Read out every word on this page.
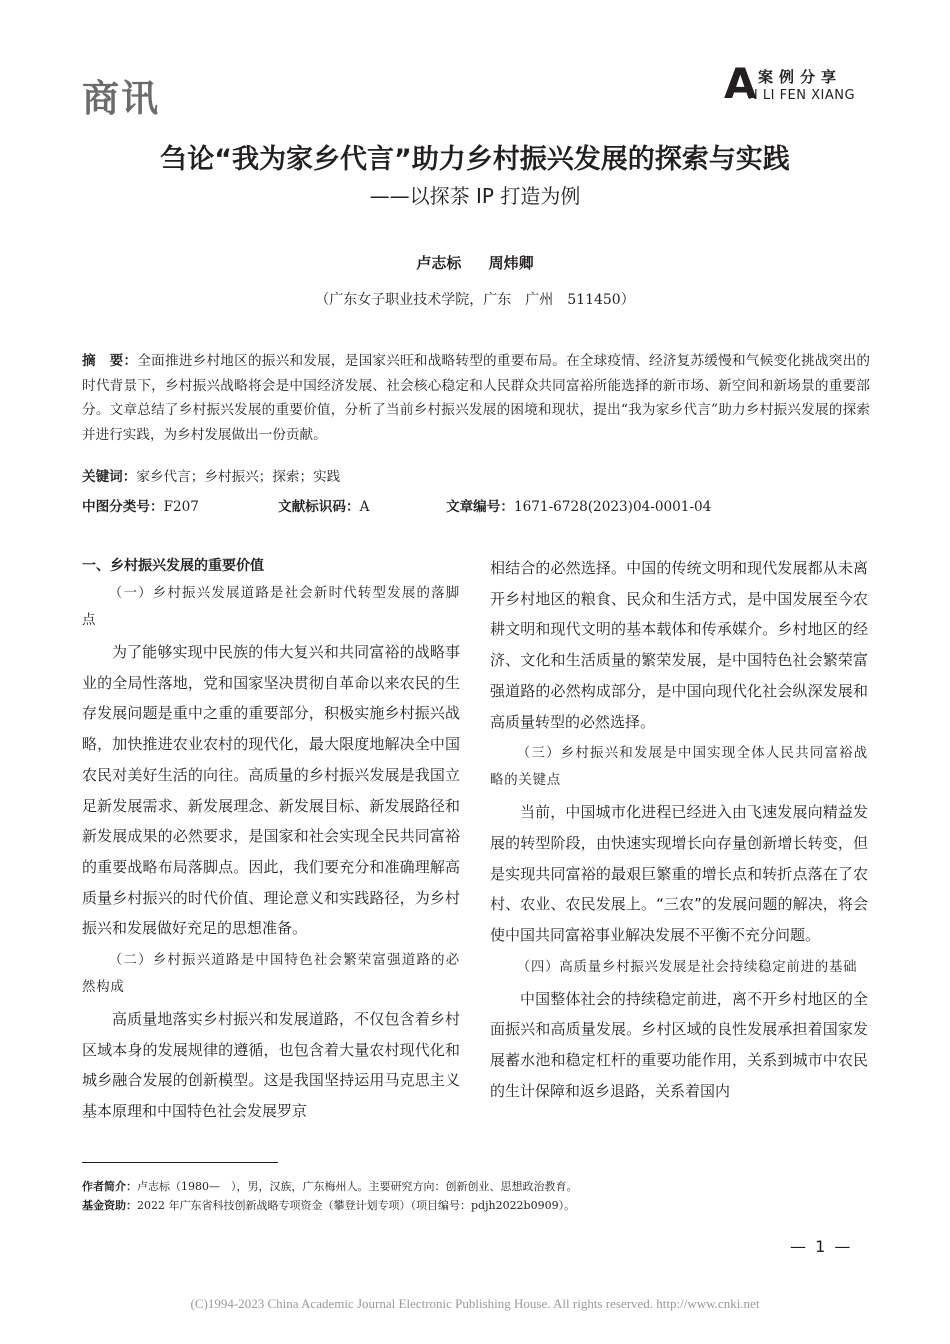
商讯	A 案例分享
N LI FEN XIANG
刍论“我为家乡代言”助力乡村振兴发展的探索与实践
——以探茶 IP 打造为例
卢志标 周炜卿
（广东女子职业技术学院，广东　广州　511450）
摘　要：全面推进乡村地区的振兴和发展，是国家兴旺和战略转型的重要布局。在全球疫情、经济复苏缓慢和气候变化挑战突出的时代背景下，乡村振兴战略将会是中国经济发展、社会核心稳定和人民群众共同富裕所能选择的新市场、新空间和新场景的重要部分。文章总结了乡村振兴发展的重要价值，分析了当前乡村振兴发展的困境和现状，提出“我为家乡代言”助力乡村振兴发展的探索并进行实践，为乡村发展做出一份贡献。
关键词：家乡代言；乡村振兴；探索；实践
中图分类号：F207	文献标识码：A	文章编号：1671-6728(2023)04-0001-04
一、乡村振兴发展的重要价值

（一）乡村振兴发展道路是社会新时代转型发展的落脚点

为了能够实现中民族的伟大复兴和共同富裕的战略事业的全局性落地，党和国家坚决贯彻自革命以来农民的生存发展问题是重中之重的重要部分，积极实施乡村振兴战略，加快推进农业农村的现代化，最大限度地解决全中国农民对美好生活的向往。高质量的乡村振兴发展是我国立足新发展需求、新发展理念、新发展目标、新发展路径和新发展成果的必然要求，是国家和社会实现全民共同富裕的重要战略布局落脚点。因此，我们要充分和准确理解高质量乡村振兴的时代价值、理论意义和实践路径，为乡村振兴和发展做好充足的思想准备。

（二）乡村振兴道路是中国特色社会繁荣富强道路的必然构成

高质量地落实乡村振兴和发展道路，不仅包含着乡村区域本身的发展规律的遵循，也包含着大量农村现代化和城乡融合发展的创新模型。这是我国坚持运用马克思主义基本原理和中国特色社会发展罗京

相结合的必然选择。中国的传统文明和现代发展都从未离开乡村地区的粮食、民众和生活方式，是中国发展至今农耕文明和现代文明的基本载体和传承媒介。乡村地区的经济、文化和生活质量的繁荣发展，是中国特色社会繁荣富强道路的必然构成部分，是中国向现代化社会纵深发展和高质量转型的必然选择。

（三）乡村振兴和发展是中国实现全体人民共同富裕战略的关键点

当前，中国城市化进程已经进入由飞速发展向精益发展的转型阶段，由快速实现增长向存量创新增长转变，但是实现共同富裕的最艰巨繁重的增长点和转折点落在了农村、农业、农民发展上。“三农”的发展问题的解决，将会使中国共同富裕事业解决发展不平衡不充分问题。

（四）高质量乡村振兴发展是社会持续稳定前进的基础

中国整体社会的持续稳定前进，离不开乡村地区的全面振兴和高质量发展。乡村区域的良性发展承担着国家发展蓄水池和稳定杠杆的重要功能作用，关系到城市中农民的生计保障和返乡退路，关系着国内

作者简介：卢志标（1980—　），男，汉族，广东梅州人。主要研究方向：创新创业、思想政治教育。
基金资助：2022 年广东省科技创新战略专项资金（攀登计划专项）（项目编号：pdjh2022b0909）。
— 1 —
(C)1994-2023 China Academic Journal Electronic Publishing House. All rights reserved. http://www.cnki.net
